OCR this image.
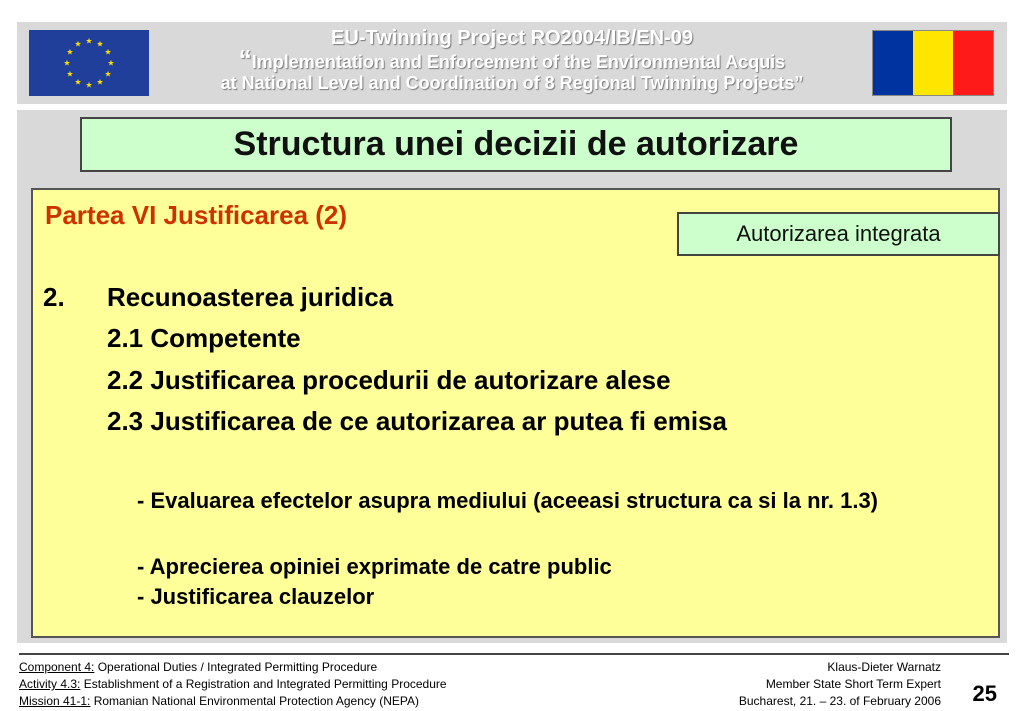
EU-Twinning Project RO2004/IB/EN-09
“Implementation and Enforcement of the Environmental Acquis
at National Level and Coordination of 8 Regional Twinning Projects”
Structura unei decizii de autorizare
Partea VI Justificarea (2)
2. Recunoasterea juridica
2.1 Competente
2.2 Justificarea procedurii de autorizare alese
2.3 Justificarea de ce autorizarea ar putea fi emisa
- Evaluarea efectelor asupra mediului (aceeasi structura ca si la nr. 1.3)
- Aprecierea opiniei exprimate de catre public
- Justificarea clauzelor
Autorizarea integrata
Component 4: Operational Duties / Integrated Permitting Procedure
Activity 4.3: Establishment of a Registration and Integrated Permitting Procedure
Mission 41-1: Romanian National Environmental Protection Agency (NEPA)
Klaus-Dieter Warnatz
Member State Short Term Expert
Bucharest, 21. – 23. of February 2006 25
